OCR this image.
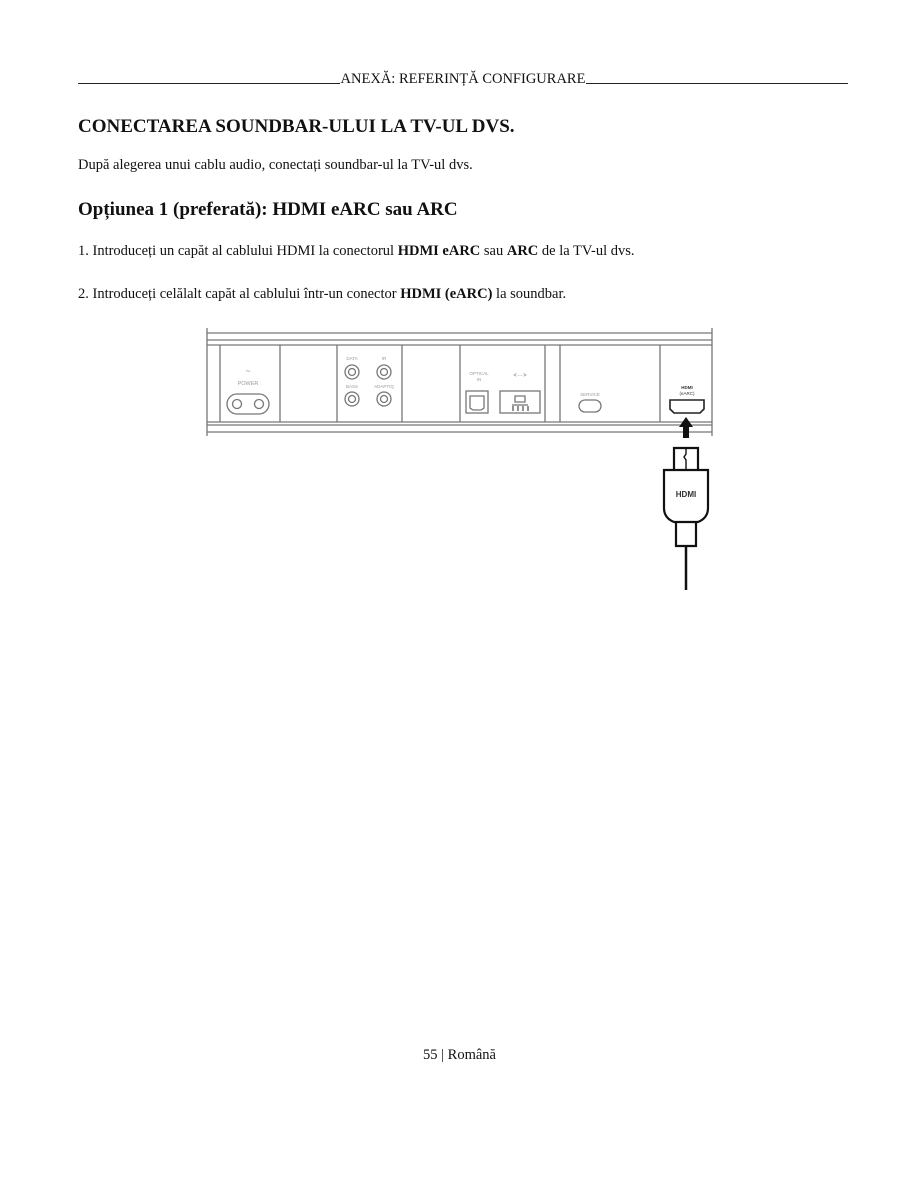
ANEXĂ: REFERINȚĂ CONFIGURARE
CONECTAREA SOUNDBAR-ULUI LA TV-UL DVS.
După alegerea unui cablu audio, conectați soundbar-ul la TV-ul dvs.
Opțiunea 1 (preferată): HDMI eARC sau ARC
1. Introduceți un capăt al cablului HDMI la conectorul HDMI eARC sau ARC de la TV-ul dvs.
2. Introduceți celălalt capăt al cablului într-un conector HDMI (eARC) la soundbar.
~
POWER
DATA	IR
BASS	ADAPTIQ
OPTICAL
IN
<···>
SERVICE
HDMI
(eARC)
HDMI
55 | Română
